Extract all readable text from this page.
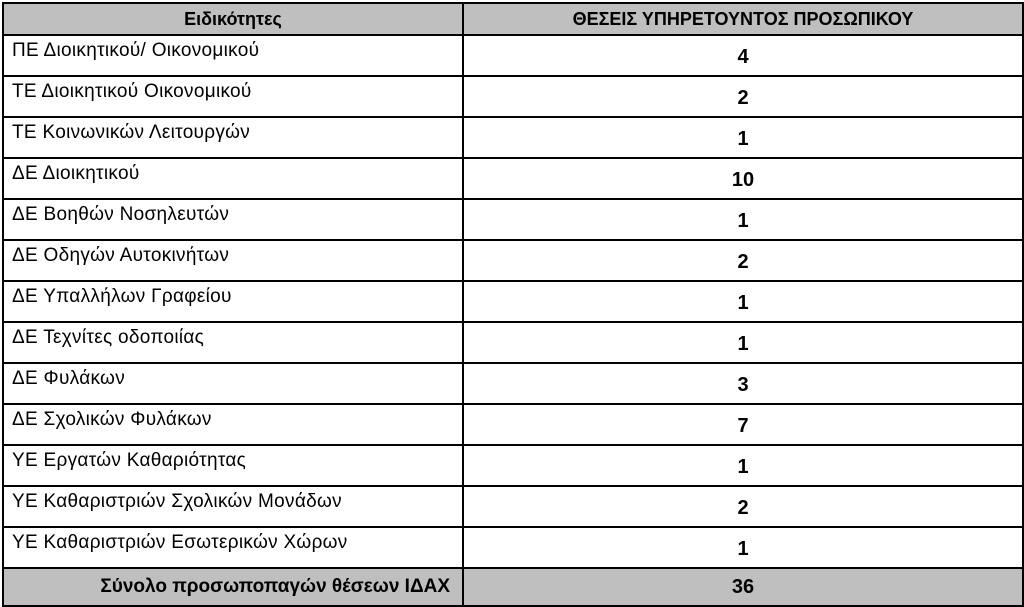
Ειδικότητες	ΘΕΣΕΙΣ ΥΠΗΡΕΤΟΥΝΤΟΣ ΠΡΟΣΩΠΙΚΟΥ
ΠΕ Διοικητικού/ Οικονομικού	4
ΤΕ Διοικητικού Οικονομικού	2
ΤΕ Κοινωνικών Λειτουργών	1
ΔΕ Διοικητικού	10
ΔΕ Βοηθών Νοσηλευτών	1
ΔΕ Οδηγών Αυτοκινήτων	2
ΔΕ Υπαλλήλων Γραφείου	1
ΔΕ Τεχνίτες οδοποιίας	1
ΔΕ Φυλάκων	3
ΔΕ Σχολικών Φυλάκων	7
ΥΕ Εργατών Καθαριότητας	1
ΥΕ Καθαριστριών Σχολικών Μονάδων	2
ΥΕ Καθαριστριών Εσωτερικών Χώρων	1
Σύνολο προσωποπαγών θέσεων ΙΔΑΧ	36
